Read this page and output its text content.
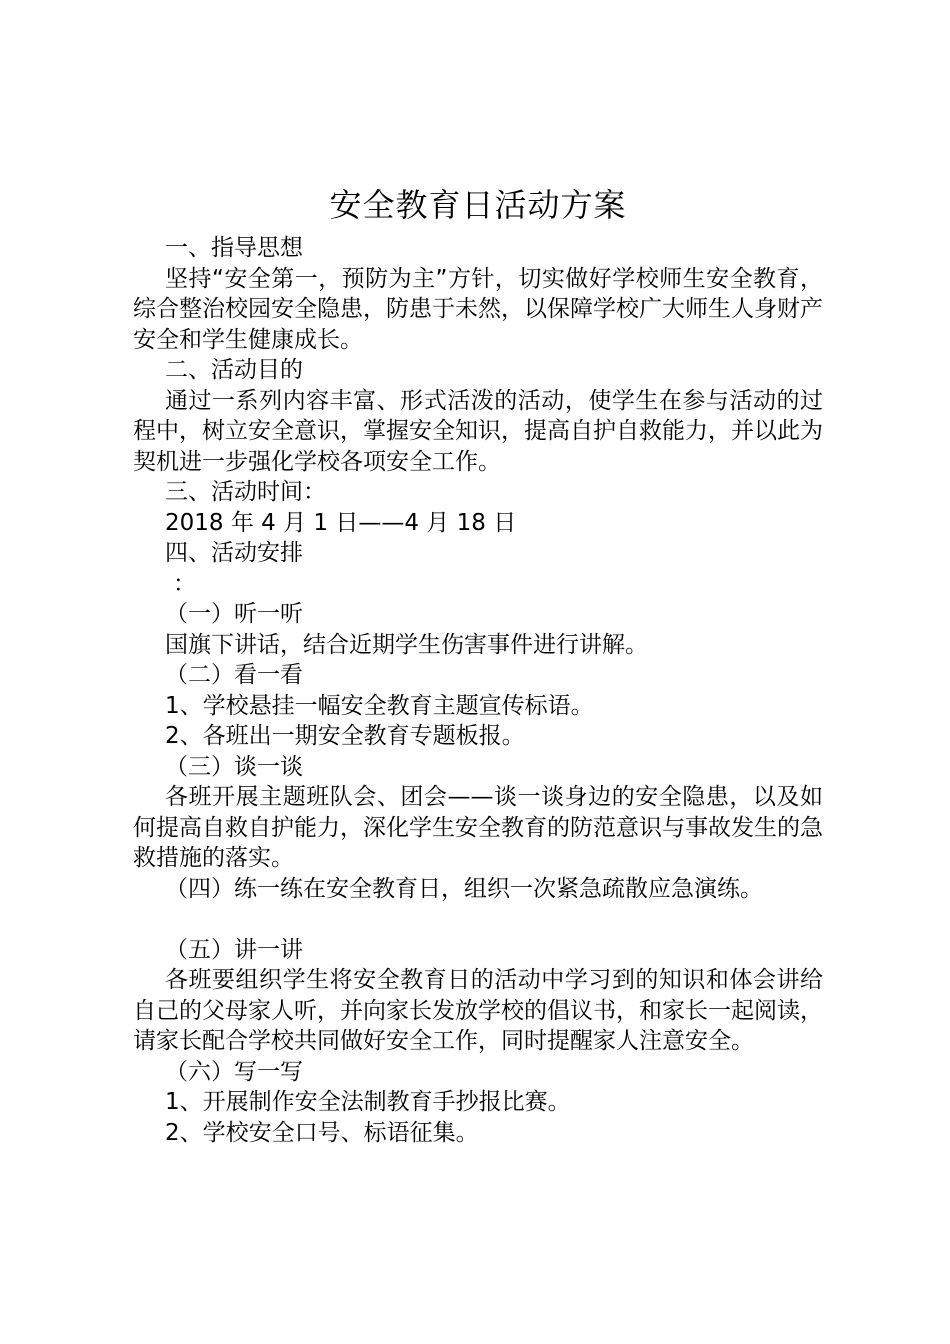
安全教育日活动方案

一、指导思想

坚持“安全第一，预防为主”方针，切实做好学校师生安全教育，综合整治校园安全隐患，防患于未然，以保障学校广大师生人身财产安全和学生健康成长。

二、活动目的

通过一系列内容丰富、形式活泼的活动，使学生在参与活动的过程中，树立安全意识，掌握安全知识，提高自护自救能力，并以此为契机进一步强化学校各项安全工作。

三、活动时间：

2018 年 4 月 1 日——4 月 18 日

四、活动安排

：

（一）听一听

国旗下讲话，结合近期学生伤害事件进行讲解。

（二）看一看

1、学校悬挂一幅安全教育主题宣传标语。

2、各班出一期安全教育专题板报。

（三）谈一谈

各班开展主题班队会、团会——谈一谈身边的安全隐患，以及如何提高自救自护能力，深化学生安全教育的防范意识与事故发生的急救措施的落实。

（四）练一练在安全教育日，组织一次紧急疏散应急演练。

（五）讲一讲

各班要组织学生将安全教育日的活动中学习到的知识和体会讲给自己的父母家人听，并向家长发放学校的倡议书，和家长一起阅读，请家长配合学校共同做好安全工作，同时提醒家人注意安全。

（六）写一写

1、开展制作安全法制教育手抄报比赛。

2、学校安全口号、标语征集。
